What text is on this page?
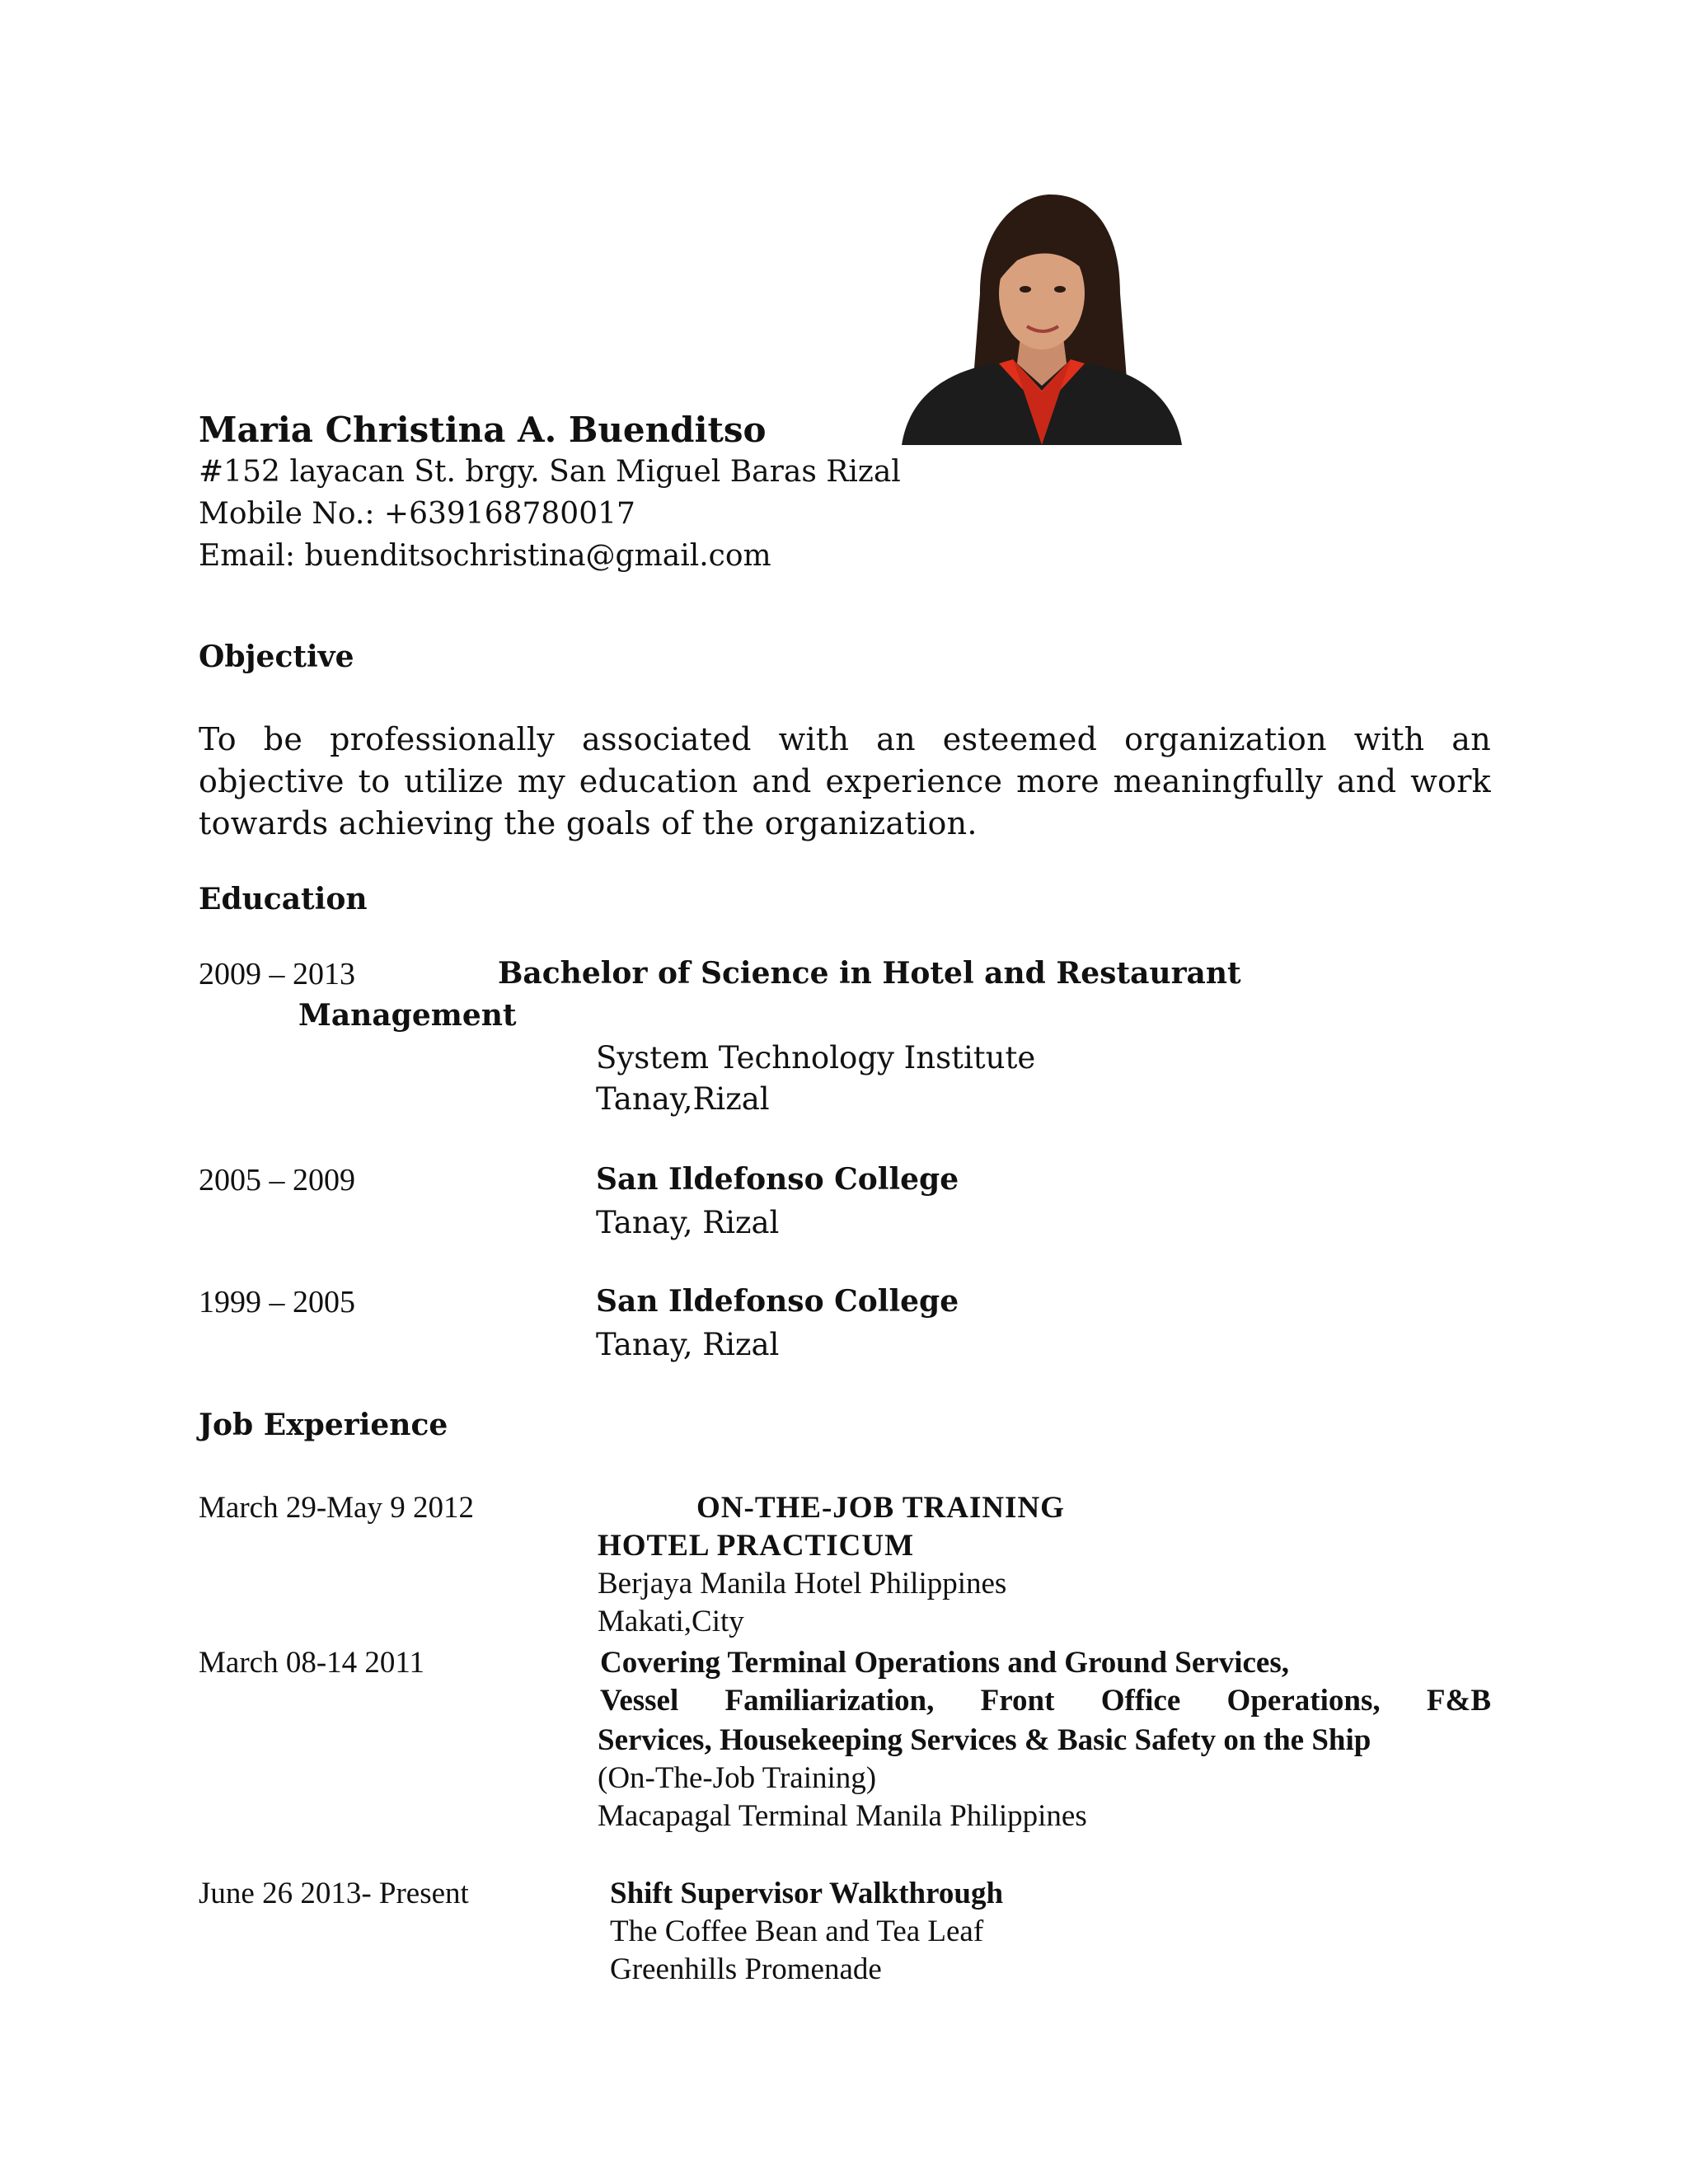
Maria Christina A. Buenditso
#152 layacan St. brgy. San Miguel Baras Rizal
Mobile No.: +639168780017
Email: buenditsochristina@gmail.com
Objective
To be professionally associated with an esteemed organization with an objective to utilize my education and experience more meaningfully and work towards achieving the goals of the organization.
Education
2009 – 2013	Bachelor of Science in Hotel and Restaurant
Management
System Technology Institute
Tanay,Rizal
2005 – 2009	San Ildefonso College
Tanay, Rizal
1999 – 2005	San Ildefonso College
Tanay, Rizal
Job Experience
March 29-May 9 2012	ON-THE-JOB TRAINING
HOTEL PRACTICUM
Berjaya Manila Hotel Philippines
Makati,City
March 08-14 2011	Covering Terminal Operations and Ground Services,
Vessel Familiarization, Front Office Operations, F&B
Services, Housekeeping Services & Basic Safety on the Ship
(On-The-Job Training)
Macapagal Terminal Manila Philippines
June 26 2013- Present	Shift Supervisor Walkthrough
The Coffee Bean and Tea Leaf
Greenhills Promenade
